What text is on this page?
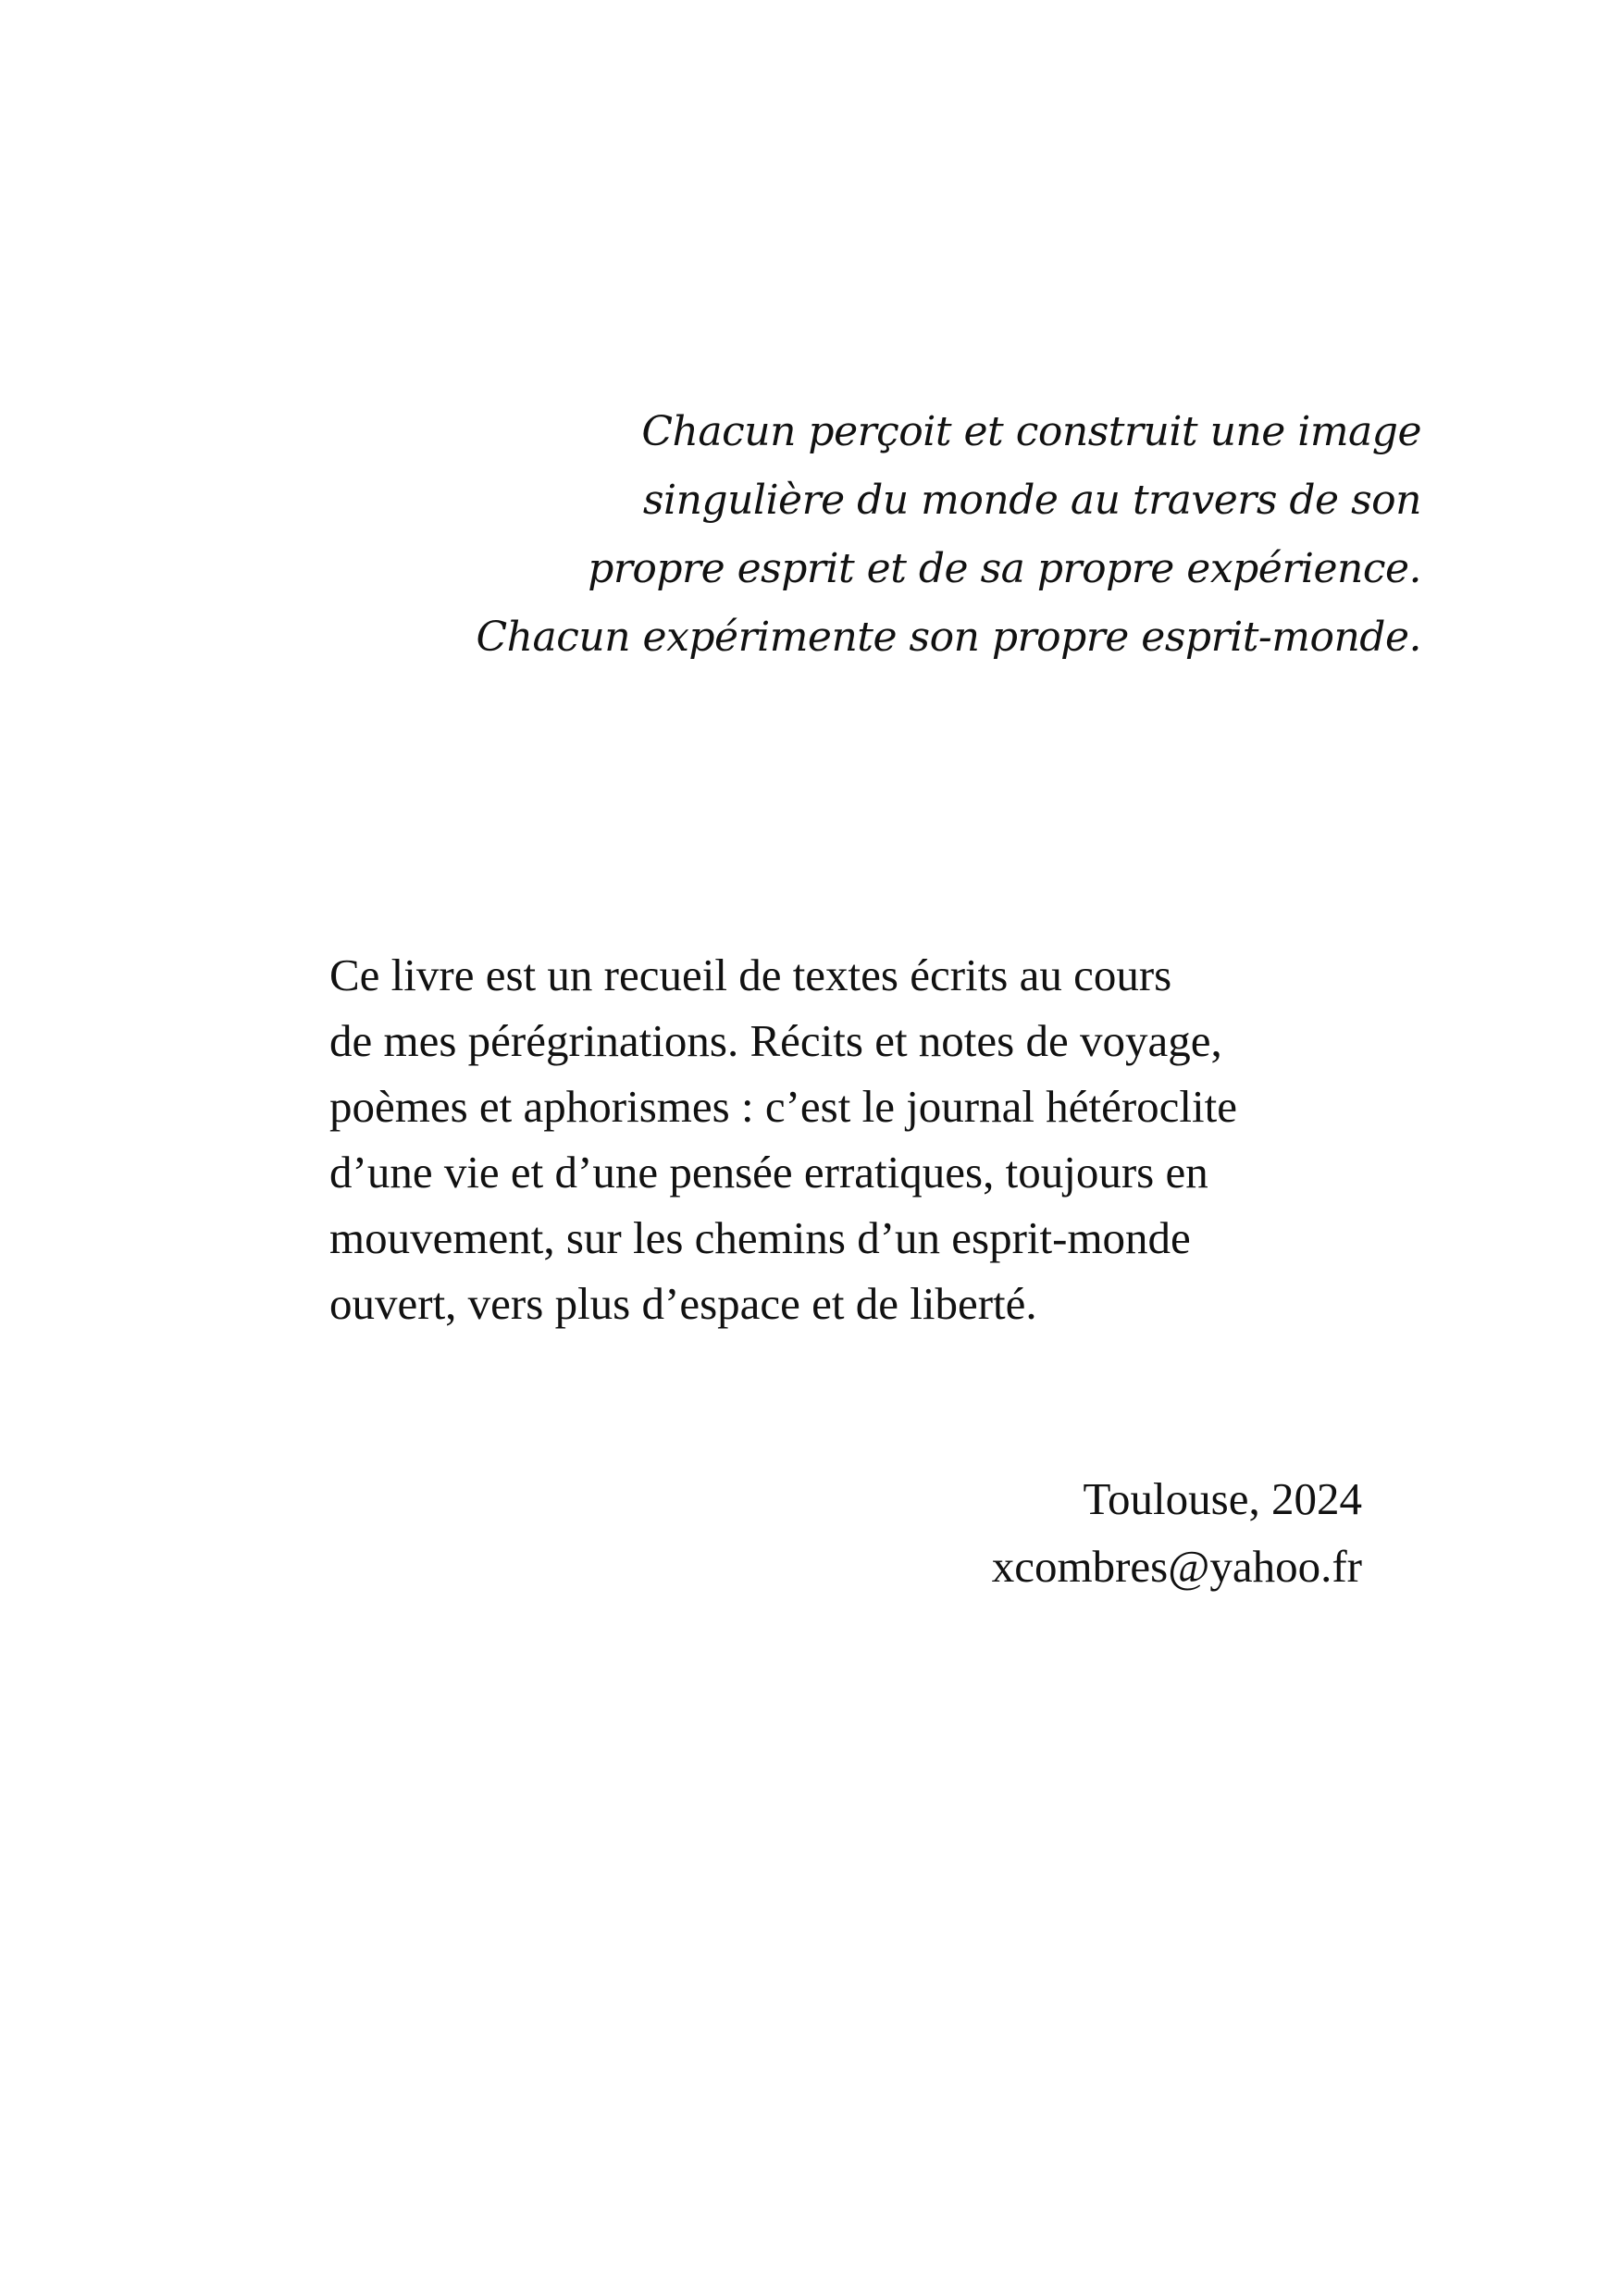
Chacun perçoit et construit une image
singulière du monde au travers de son
propre esprit et de sa propre expérience.
Chacun expérimente son propre esprit-monde.
Ce livre est un recueil de textes écrits au cours
de mes pérégrinations. Récits et notes de voyage,
poèmes et aphorismes : c’est le journal hétéroclite
d’une vie et d’une pensée erratiques, toujours en
mouvement, sur les chemins d’un esprit-monde
ouvert, vers plus d’espace et de liberté.
Toulouse, 2024
xcombres@yahoo.fr
